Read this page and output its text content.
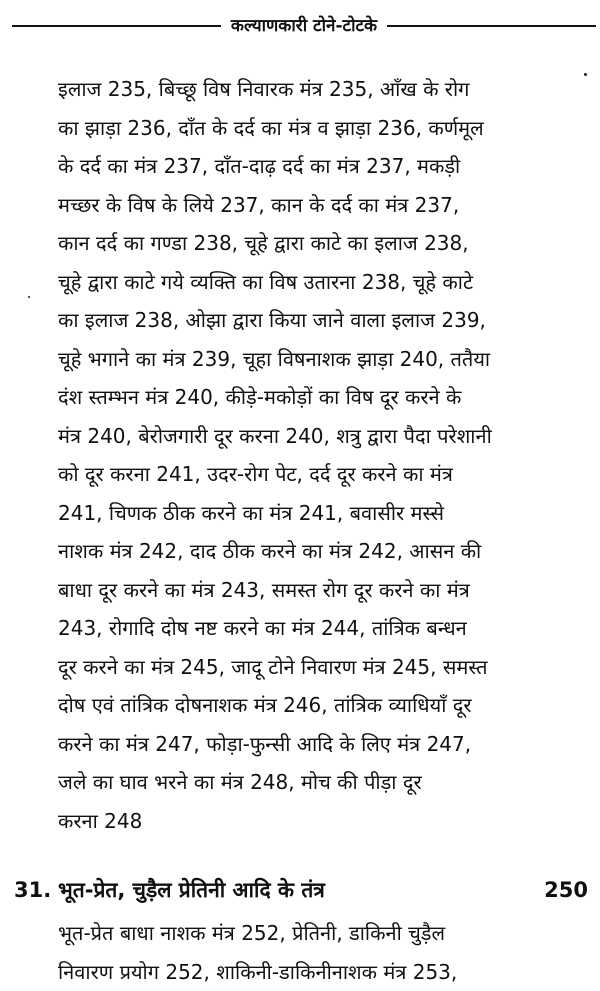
कल्याणकारी टोने-टोटके
इलाज 235, बिच्छू विष निवारक मंत्र 235, आँख के रोग
का झाड़ा 236, दाँत के दर्द का मंत्र व झाड़ा 236, कर्णमूल
के दर्द का मंत्र 237, दाँत-दाढ़ दर्द का मंत्र 237, मकड़ी
मच्छर के विष के लिये 237, कान के दर्द का मंत्र 237,
कान दर्द का गण्डा 238, चूहे द्वारा काटे का इलाज 238,
चूहे द्वारा काटे गये व्यक्ति का विष उतारना 238, चूहे काटे
का इलाज 238, ओझा द्वारा किया जाने वाला इलाज 239,
चूहे भगाने का मंत्र 239, चूहा विषनाशक झाड़ा 240, ततैया
दंश स्तम्भन मंत्र 240, कीड़े-मकोड़ों का विष दूर करने के
मंत्र 240, बेरोजगारी दूर करना 240, शत्रु द्वारा पैदा परेशानी
को दूर करना 241, उदर-रोग पेट, दर्द दूर करने का मंत्र
241, चिणक ठीक करने का मंत्र 241, बवासीर मस्से
नाशक मंत्र 242, दाद ठीक करने का मंत्र 242, आसन की
बाधा दूर करने का मंत्र 243, समस्त रोग दूर करने का मंत्र
243, रोगादि दोष नष्ट करने का मंत्र 244, तांत्रिक बन्धन
दूर करने का मंत्र 245, जादू टोने निवारण मंत्र 245, समस्त
दोष एवं तांत्रिक दोषनाशक मंत्र 246, तांत्रिक व्याधियाँ दूर
करने का मंत्र 247, फोड़ा-फुन्सी आदि के लिए मंत्र 247,
जले का घाव भरने का मंत्र 248, मोच की पीड़ा दूर
करना 248
31. भूत-प्रेत, चुड़ैल प्रेतिनी आदि के तंत्र	250
भूत-प्रेत बाधा नाशक मंत्र 252, प्रेतिनी, डाकिनी चुड़ैल
निवारण प्रयोग 252, शाकिनी-डाकिनीनाशक मंत्र 253,
